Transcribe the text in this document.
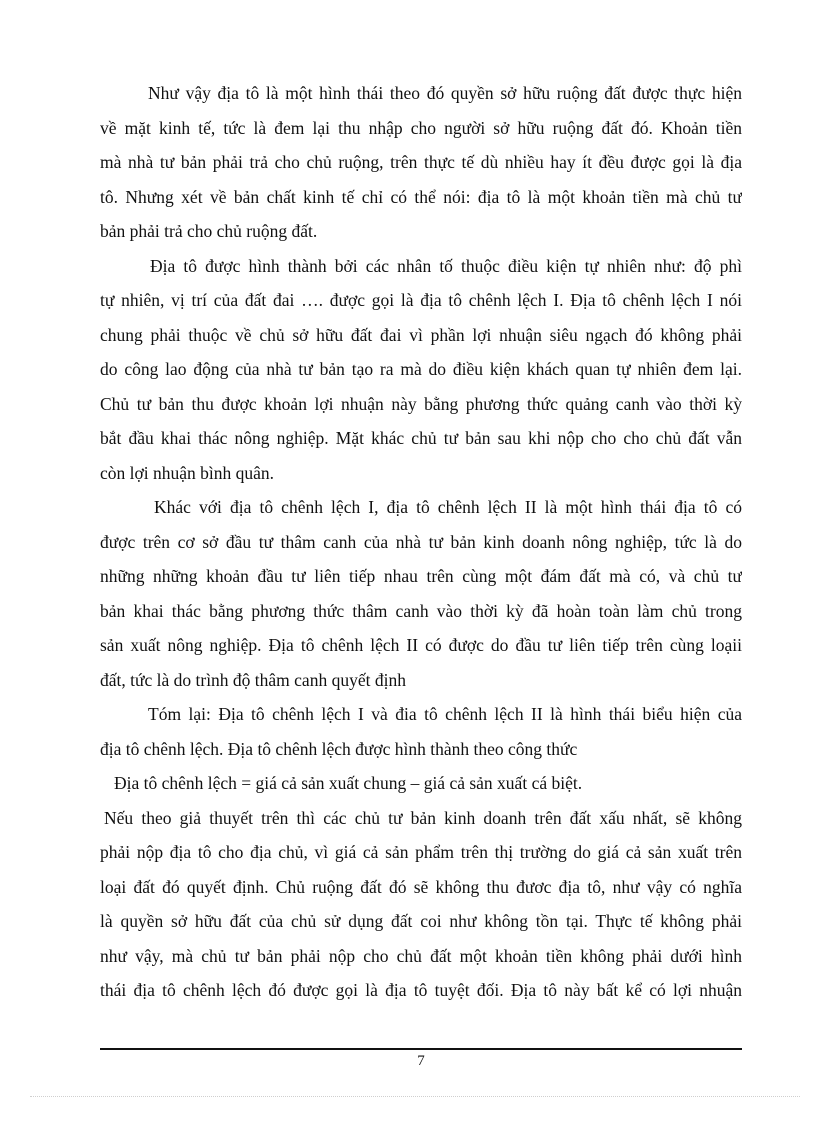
Như vậy địa tô là một hình thái theo đó quyền sở hữu ruộng đất được thực hiện
về mặt kinh tế, tức là đem lại thu nhập cho người sở hữu ruộng đất đó. Khoản tiền
mà nhà tư bản phải trả cho chủ ruộng, trên thực tế dù nhiều hay ít đều được gọi là địa
tô. Nhưng xét về bản chất kinh tế chỉ có thể nói: địa tô là một khoản tiền mà chủ tư
bản phải trả cho chủ ruộng đất.
Địa tô được hình thành bởi các nhân tố thuộc điều kiện tự nhiên như: độ phì
tự nhiên, vị trí của đất đai …. được gọi là địa tô chênh lệch I. Địa tô chênh lệch I nói
chung phải thuộc về chủ sở hữu đất đai vì phần lợi nhuận siêu ngạch đó không phải
do công lao động của nhà tư bản tạo ra mà do điều kiện khách quan tự nhiên đem lại.
Chủ tư bản thu được khoản lợi nhuận này bằng phương thức quảng canh vào thời kỳ
bắt đầu khai thác nông nghiệp. Mặt khác chủ tư bản sau khi nộp cho cho chủ đất vẫn
còn lợi nhuận bình quân.
Khác với địa tô chênh lệch I, địa tô chênh lệch II là một hình thái địa tô có
được trên cơ sở đầu tư thâm canh của nhà tư bản kinh doanh nông nghiệp, tức là do
những những khoản đầu tư liên tiếp nhau trên cùng một đám đất mà có, và chủ tư
bản khai thác bằng phương thức thâm canh vào thời kỳ đã hoàn toàn làm chủ trong
sản xuất nông nghiệp. Địa tô chênh lệch II có được do đầu tư liên tiếp trên cùng loạii
đất, tức là do trình độ thâm canh quyết định
Tóm lại: Địa tô chênh lệch I và đia tô chênh lệch II là hình thái biểu hiện của
địa tô chênh lệch. Địa tô chênh lệch được hình thành theo công thức
Địa tô chênh lệch = giá cả sản xuất chung – giá cả sản xuất cá biệt.
Nếu theo giả thuyết trên thì các chủ tư bản kinh doanh trên đất xấu nhất, sẽ không
phải nộp địa tô cho địa chủ, vì giá cả sản phẩm trên thị trường do giá cả sản xuất trên
loại đất đó quyết định. Chủ ruộng đất đó sẽ không thu đươc địa tô, như vậy có nghĩa
là quyền sở hữu đất của chủ sử dụng đất coi như không tồn tại. Thực tế không phải
như vậy, mà chủ tư bản phải nộp cho chủ đất một khoản tiền không phải dưới hình
thái địa tô chênh lệch đó được gọi là địa tô tuyệt đối. Địa tô này bất kể có lợi nhuận
7
